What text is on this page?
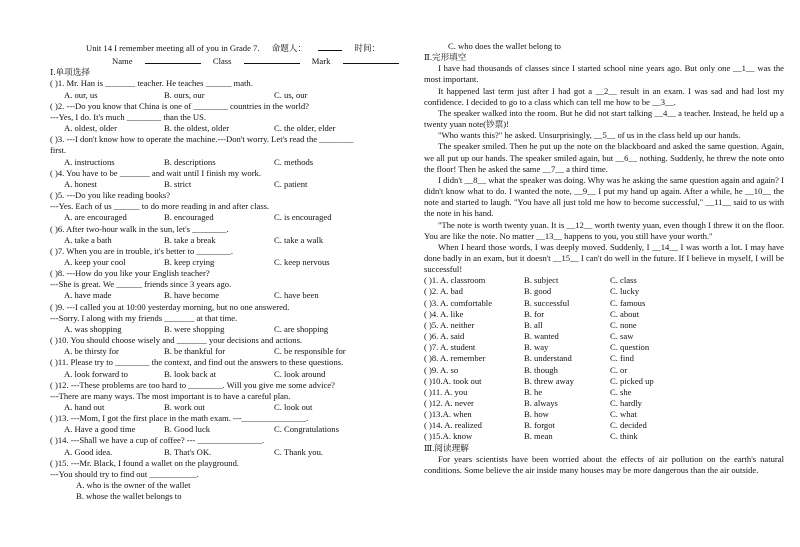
Unit 14 I remember meeting all of you in Grade 7. 命题人：	时间：
Name	Class	Mark
Ⅰ.单项选择
( )1. Mr. Han is _______ teacher. He teaches ______ math.
A. our, us	B. ours, our	C. us, our
( )2. ---Do you know that China is one of ________ countries in the world?
---Yes, I do. It's much ________ than the US.
A. oldest, older	B. the oldest, older	C. the older, elder
( )3. ---I don't know how to operate the machine.---Don't worry. Let's read the ________
first.
A. instructions	B. descriptions	C. methods
( )4. You have to be _______ and wait until I finish my work.
A. honest	B. strict	C. patient
( )5. ---Do you like reading books?
---Yes. Each of us ______ to do more reading in and after class.
A. are encouraged	B. encouraged	C. is encouraged
( )6. After two-hour walk in the sun, let's ________.
A. take a bath	B. take a break	C. take a walk
( )7. When you are in trouble, it's better to ________.
A. keep your cool	B. keep crying	C. keep nervous
( )8. ---How do you like your English teacher?
---She is great. We ______ friends since 3 years ago.
A. have made	B. have become	C. have been
( )9. ---I called you at 10:00 yesterday morning, but no one answered.
---Sorry. I along with my friends _______ at that time.
A. was shopping	B. were shopping	C. are shopping
( )10. You should choose wisely and _______ your decisions and actions.
A. be thirsty for	B. be thankful for	C. be responsible for
( )11. Please try to ________ the context, and find out the answers to these questions.
A. look forward to	B. look back at	C. look around
( )12. ---These problems are too hard to ________. Will you give me some advice?
---There are many ways. The most important is to have a careful plan.
A. hand out	B. work out	C. look out
( )13. ---Mom, I got the first place in the math exam. ---_______________.
A. Have a good time	B. Good luck	C. Congratulations
( )14. ---Shall we have a cup of coffee? --- _______________.
A. Good idea.	B. That's OK.	C. Thank you.
( )15. ---Mr. Black, I found a wallet on the playground.
---You should try to find out ___________.
A. who is the owner of the wallet
B. whose the wallet belongs to
C. who does the wallet belong to
Ⅱ.完形填空
I have had thousands of classes since I started school nine years ago. But only one __1__ was the most important.
It happened last term just after I had got a __2__ result in an exam. I was sad and had lost my confidence. I decided to go to a class which can tell me how to be __3__.
The speaker walked into the room. But he did not start talking __4__ a teacher. Instead, he held up a twenty yuan note(钞票)!
"Who wants this?" he asked. Unsurprisingly, __5__ of us in the class held up our hands.
The speaker smiled. Then he put up the note on the blackboard and asked the same question. Again, we all put up our hands. The speaker smiled again, but __6__ nothing. Suddenly, he threw the note onto the floor! Then he asked the same __7__ a third time.
I didn't __8__ what the speaker was doing. Why was he asking the same question again and again? I didn't know what to do. I wanted the note, __9__ I put my hand up again. After a while, he __10__ the note and started to laugh. "You have all just told me how to become successful," __11__ said to us with the note in his hand.
"The note is worth twenty yuan. It is __12__ worth twenty yuan, even though I threw it on the floor. You are like the note. No matter __13__ happens to you, you still have your worth."
When I heard those words, I was deeply moved. Suddenly, I __14__ I was worth a lot. I may have done badly in an exam, but it doesn't __15__ I can't do well in the future. If I believe in myself, I will be successful!
( )1. A. classroom	B. subject	C. class
( )2. A. bad	B. good	C. lucky
( )3. A. comfortable	B. successful	C. famous
( )4. A. like	B. for	C. about
( )5. A. neither	B. all	C. none
( )6. A. said	B. wanted	C. saw
( )7. A. student	B. way	C. question
( )8. A. remember	B. understand	C. find
( )9. A. so	B. though	C. or
( )10.A. took out	B. threw away	C. picked up
( )11. A. you	B. he	C. she
( )12. A. never	B. always	C. hardly
( )13.A. when	B. how	C. what
( )14. A. realized	B. forgot	C. decided
( )15.A. know	B. mean	C. think
Ⅲ.阅读理解
For years scientists have been worried about the effects of air pollution on the earth's natural conditions. Some believe the air inside many houses may be more dangerous than the air outside.
